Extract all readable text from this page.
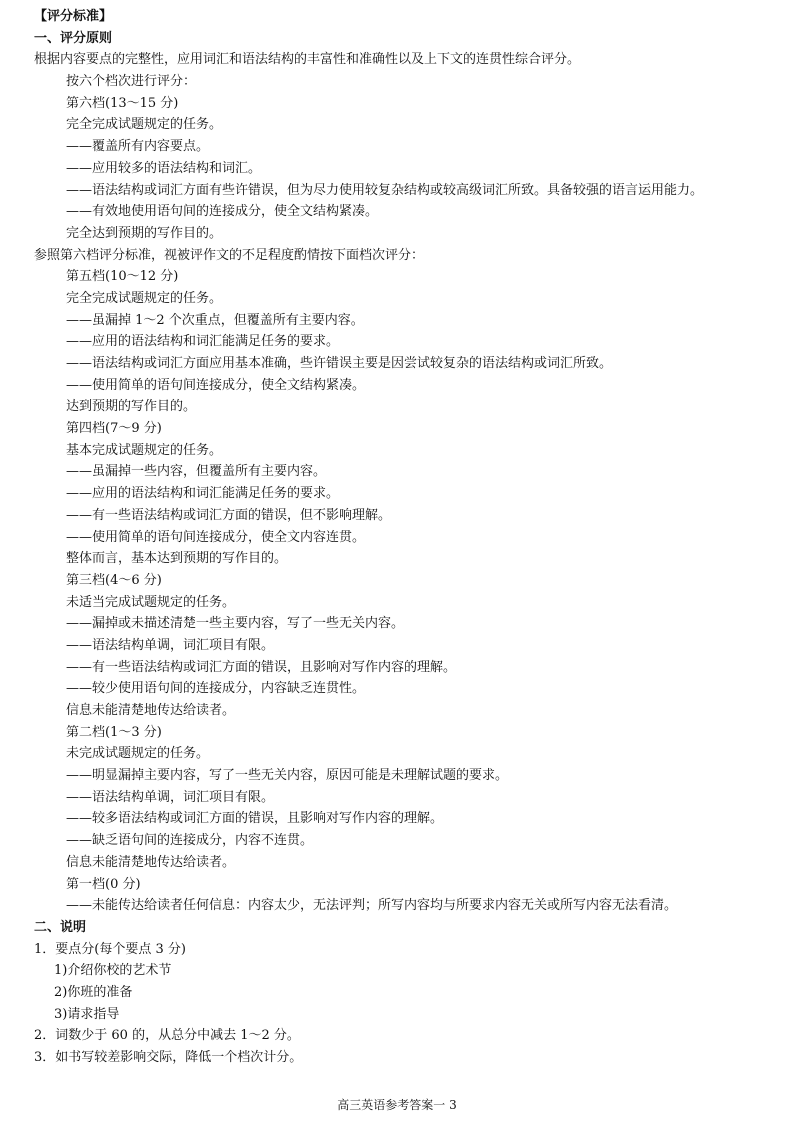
【评分标准】
一、评分原则
根据内容要点的完整性，应用词汇和语法结构的丰富性和准确性以及上下文的连贯性综合评分。
按六个档次进行评分：
第六档(13～15 分)
完全完成试题规定的任务。
——覆盖所有内容要点。
——应用较多的语法结构和词汇。
——语法结构或词汇方面有些许错误，但为尽力使用较复杂结构或较高级词汇所致。具备较强的语言运用能力。
——有效地使用语句间的连接成分，使全文结构紧凑。
完全达到预期的写作目的。
参照第六档评分标准，视被评作文的不足程度酌情按下面档次评分：
第五档(10～12 分)
完全完成试题规定的任务。
——虽漏掉 1～2 个次重点，但覆盖所有主要内容。
——应用的语法结构和词汇能满足任务的要求。
——语法结构或词汇方面应用基本准确，些许错误主要是因尝试较复杂的语法结构或词汇所致。
——使用简单的语句间连接成分，使全文结构紧凑。
达到预期的写作目的。
第四档(7～9 分)
基本完成试题规定的任务。
——虽漏掉一些内容，但覆盖所有主要内容。
——应用的语法结构和词汇能满足任务的要求。
——有一些语法结构或词汇方面的错误，但不影响理解。
——使用简单的语句间连接成分，使全文内容连贯。
整体而言，基本达到预期的写作目的。
第三档(4～6 分)
未适当完成试题规定的任务。
——漏掉或未描述清楚一些主要内容，写了一些无关内容。
——语法结构单调，词汇项目有限。
——有一些语法结构或词汇方面的错误，且影响对写作内容的理解。
——较少使用语句间的连接成分，内容缺乏连贯性。
信息未能清楚地传达给读者。
第二档(1～3 分)
未完成试题规定的任务。
——明显漏掉主要内容，写了一些无关内容，原因可能是未理解试题的要求。
——语法结构单调，词汇项目有限。
——较多语法结构或词汇方面的错误，且影响对写作内容的理解。
——缺乏语句间的连接成分，内容不连贯。
信息未能清楚地传达给读者。
第一档(0 分)
——未能传达给读者任何信息：内容太少，无法评判；所写内容均与所要求内容无关或所写内容无法看清。
二、说明
1．要点分(每个要点 3 分)
1)介绍你校的艺术节
2)你班的准备
3)请求指导
2．词数少于 60 的，从总分中减去 1～2 分。
3．如书写较差影响交际，降低一个档次计分。
高三英语参考答案一 3
